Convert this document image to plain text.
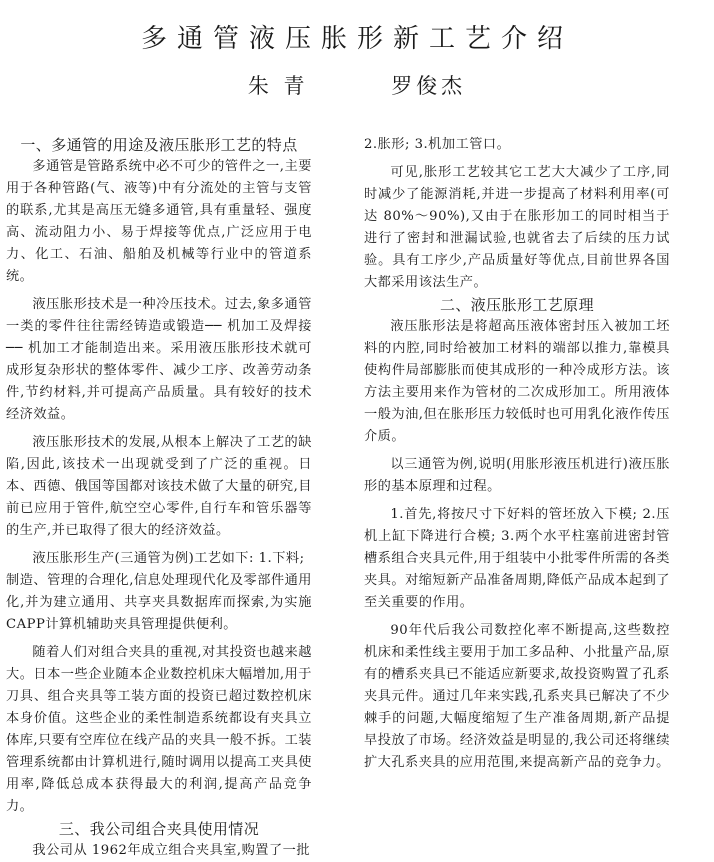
多通管液压胀形新工艺介绍
朱 青	罗俊杰
一、多通管的用途及液压胀形工艺的特点

多通管是管路系统中必不可少的管件之一,主要用于各种管路(气、液等)中有分流处的主管与支管的联系,尤其是高压无缝多通管,具有重量轻、强度高、流动阻力小、易于焊接等优点,广泛应用于电力、化工、石油、船舶及机械等行业中的管道系统。

液压胀形技术是一种冷压技术。过去,象多通管一类的零件往往需经铸造或锻造── 机加工及焊接 ── 机加工才能制造出来。采用液压胀形技术就可成形复杂形状的整体零件、减少工序、改善劳动条件,节约材料,并可提高产品质量。具有较好的技术经济效益。

液压胀形技术的发展,从根本上解决了工艺的缺陷,因此,该技术一出现就受到了广泛的重视。日本、西德、俄国等国都对该技术做了大量的研究,目前已应用于管件,航空空心零件,自行车和管乐器等的生产,并已取得了很大的经济效益。

液压胀形生产(三通管为例)工艺如下: 1.下料;

制造、管理的合理化,信息处理现代化及零部件通用化,并为建立通用、共享夹具数据库而探索,为实施CAPP计算机辅助夹具管理提供便利。

随着人们对组合夹具的重视,对其投资也越来越大。日本一些企业随本企业数控机床大幅增加,用于刀具、组合夹具等工装方面的投资已超过数控机床本身价值。这些企业的柔性制造系统都设有夹具立体库,只要有空库位在线产品的夹具一般不拆。工装管理系统都由计算机进行,随时调用以提高工夹具使用率,降低总成本获得最大的利润,提高产品竞争力。

三、我公司组合夹具使用情况

我公司从 1962年成立组合夹具室,购置了一批

2.胀形; 3.机加工管口。

可见,胀形工艺较其它工艺大大减少了工序,同时减少了能源消耗,并进一步提高了材料利用率(可达 80%～90%),又由于在胀形加工的同时相当于进行了密封和泄漏试验,也就省去了后续的压力试验。具有工序少,产品质量好等优点,目前世界各国大都采用该法生产。

二、液压胀形工艺原理

液压胀形法是将超高压液体密封压入被加工坯料的内腔,同时给被加工材料的端部以推力,靠模具使构件局部膨胀而使其成形的一种冷成形方法。该方法主要用来作为管材的二次成形加工。所用液体一般为油,但在胀形压力较低时也可用乳化液作传压介质。

以三通管为例,说明(用胀形液压机进行)液压胀形的基本原理和过程。

1.首先,将按尺寸下好料的管坯放入下模; 2.压机上缸下降进行合模; 3.两个水平柱塞前进密封管槽系组合夹具元件,用于组装中小批零件所需的各类夹具。对缩短新产品准备周期,降低产品成本起到了至关重要的作用。

90年代后我公司数控化率不断提高,这些数控机床和柔性线主要用于加工多品种、小批量产品,原有的槽系夹具已不能适应新要求,故投资购置了孔系夹具元件。通过几年来实践,孔系夹具已解决了不少棘手的问题,大幅度缩短了生产准备周期,新产品提早投放了市场。经济效益是明显的,我公司还将继续扩大孔系夹具的应用范围,来提高新产品的竞争力。
